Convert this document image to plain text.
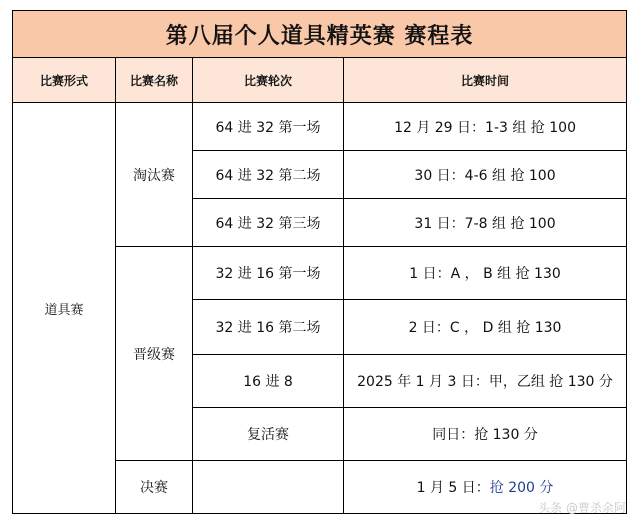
第八届个人道具精英赛 赛程表			
比赛形式	比赛名称	比赛轮次	比赛时间
道具赛	淘汰赛	64 进 32 第一场	12 月 29 日：1-3 组 抢 100
		64 进 32 第二场	30 日：4-6 组 抢 100
		64 进 32 第三场	31 日：7-8 组 抢 100
	晋级赛	32 进 16 第一场	1 日：A ， B 组 抢 130
		32 进 16 第二场	2 日：C ， D 组 抢 130
		16 进 8	2025 年 1 月 3 日：甲，乙组 抢 130 分
		复活赛	同日：抢 130 分
	决赛		1 月 5 日：抢 200 分
头条 @曹杀余阿
